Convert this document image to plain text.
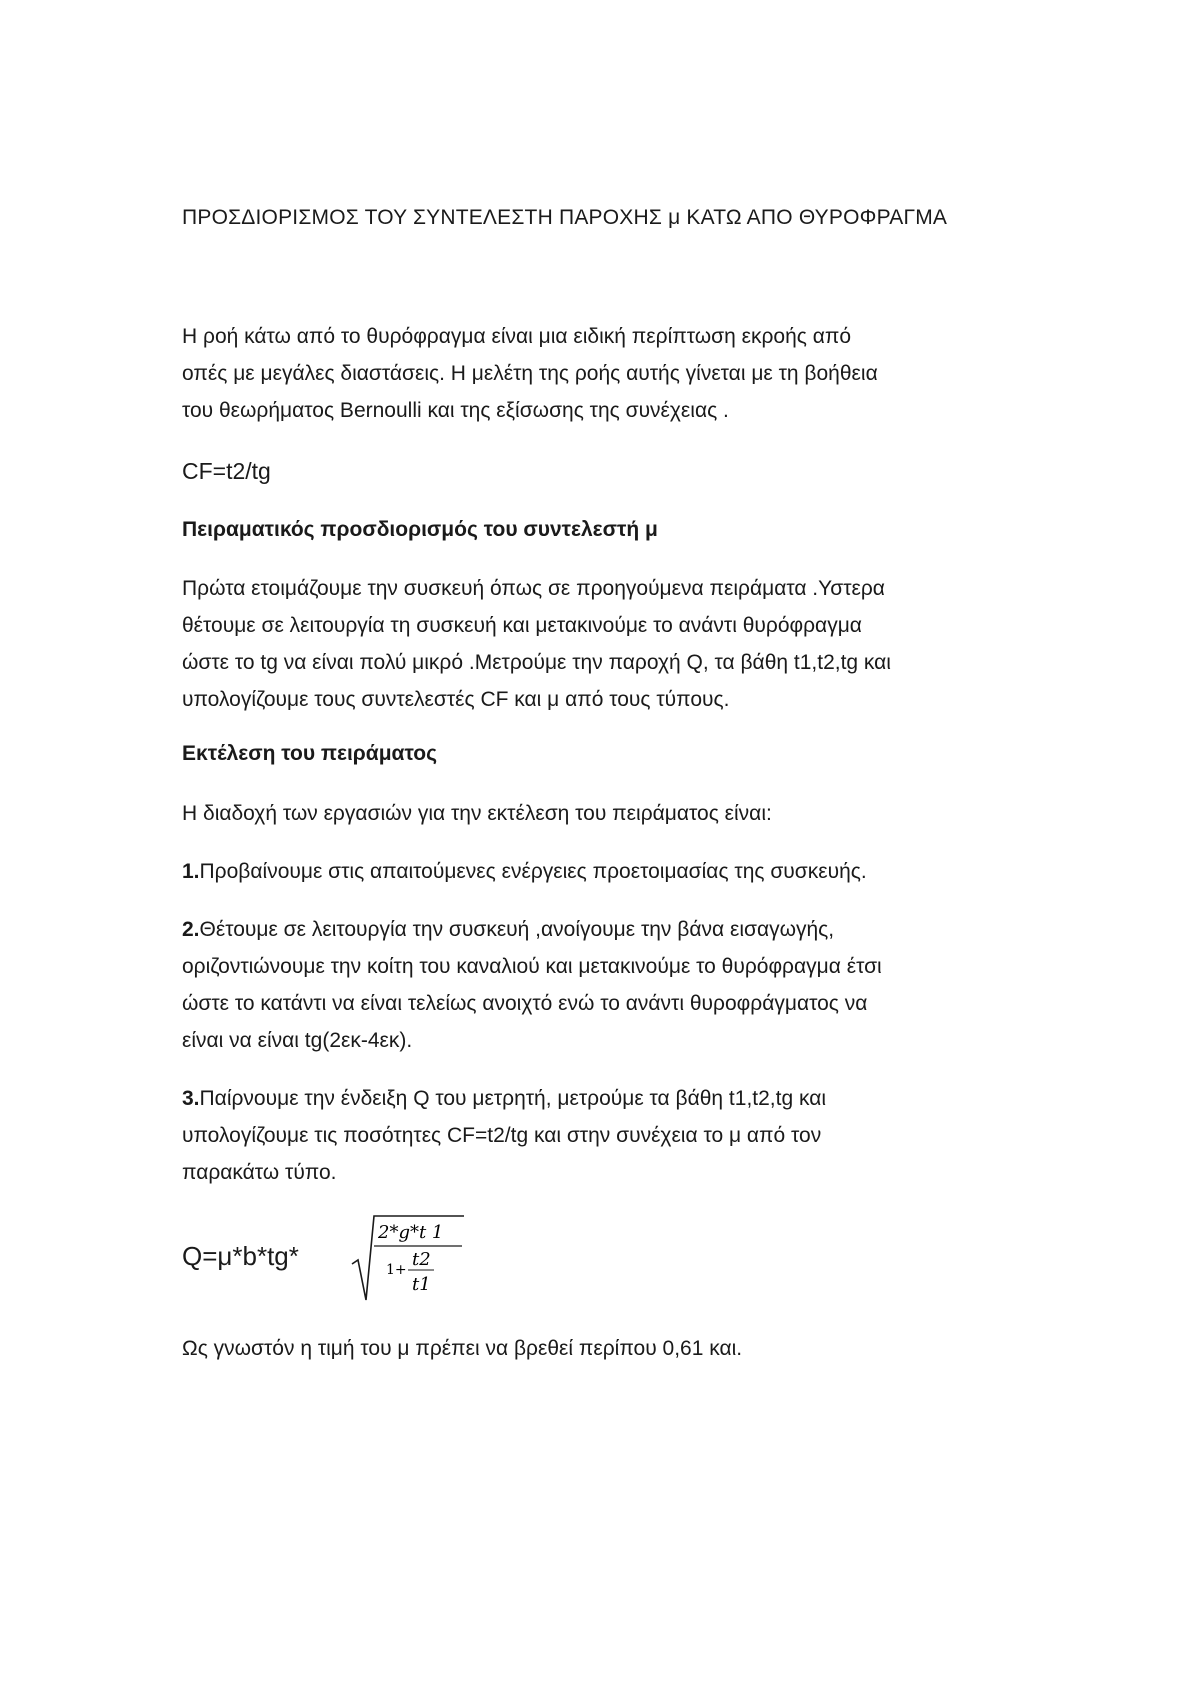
ΠΡΟΣΔΙΟΡΙΣΜΟΣ ΤΟΥ ΣΥΝΤΕΛΕΣΤΗ ΠΑΡΟΧΗΣ μ ΚΑΤΩ ΑΠΟ ΘΥΡΟΦΡΑΓΜΑ
Η ροή κάτω από το θυρόφραγμα είναι μια ειδική περίπτωση εκροής από
οπές με μεγάλες διαστάσεις. Η μελέτη της ροής αυτής γίνεται με τη βοήθεια
του θεωρήματος Bernoulli και της εξίσωσης της συνέχειας .
CF=t2/tg
Πειραματικός προσδιορισμός του συντελεστή μ
Πρώτα ετοιμάζουμε την συσκευή όπως σε προηγούμενα πειράματα .Υστερα
θέτουμε σε λειτουργία τη συσκευή και μετακινούμε το ανάντι θυρόφραγμα
ώστε το tg να είναι πολύ μικρό .Μετρούμε την παροχή Q, τα βάθη t1,t2,tg και
υπολογίζουμε τους συντελεστές CF και μ από τους τύπους.
Εκτέλεση του πειράματος
Η διαδοχή των εργασιών για την εκτέλεση του πειράματος είναι:
1.Προβαίνουμε στις απαιτούμενες ενέργειες προετοιμασίας της συσκευής.
2.Θέτουμε σε λειτουργία την συσκευή ,ανοίγουμε την βάνα εισαγωγής,
οριζοντιώνουμε την κοίτη του καναλιού και μετακινούμε το θυρόφραγμα έτσι
ώστε το κατάντι να είναι τελείως ανοιχτό ενώ το ανάντι θυροφράγματος να
είναι να είναι tg(2εκ-4εκ).
3.Παίρνουμε την ένδειξη Q του μετρητή, μετρούμε τα βάθη t1,t2,tg και
υπολογίζουμε τις ποσότητες CF=t2/tg και στην συνέχεια το μ από τον
παρακάτω τύπο.
Q=μ*b*tg*
2*g*t 1
1+ t2
t1
Ως γνωστόν η τιμή του μ πρέπει να βρεθεί περίπου 0,61 και.
